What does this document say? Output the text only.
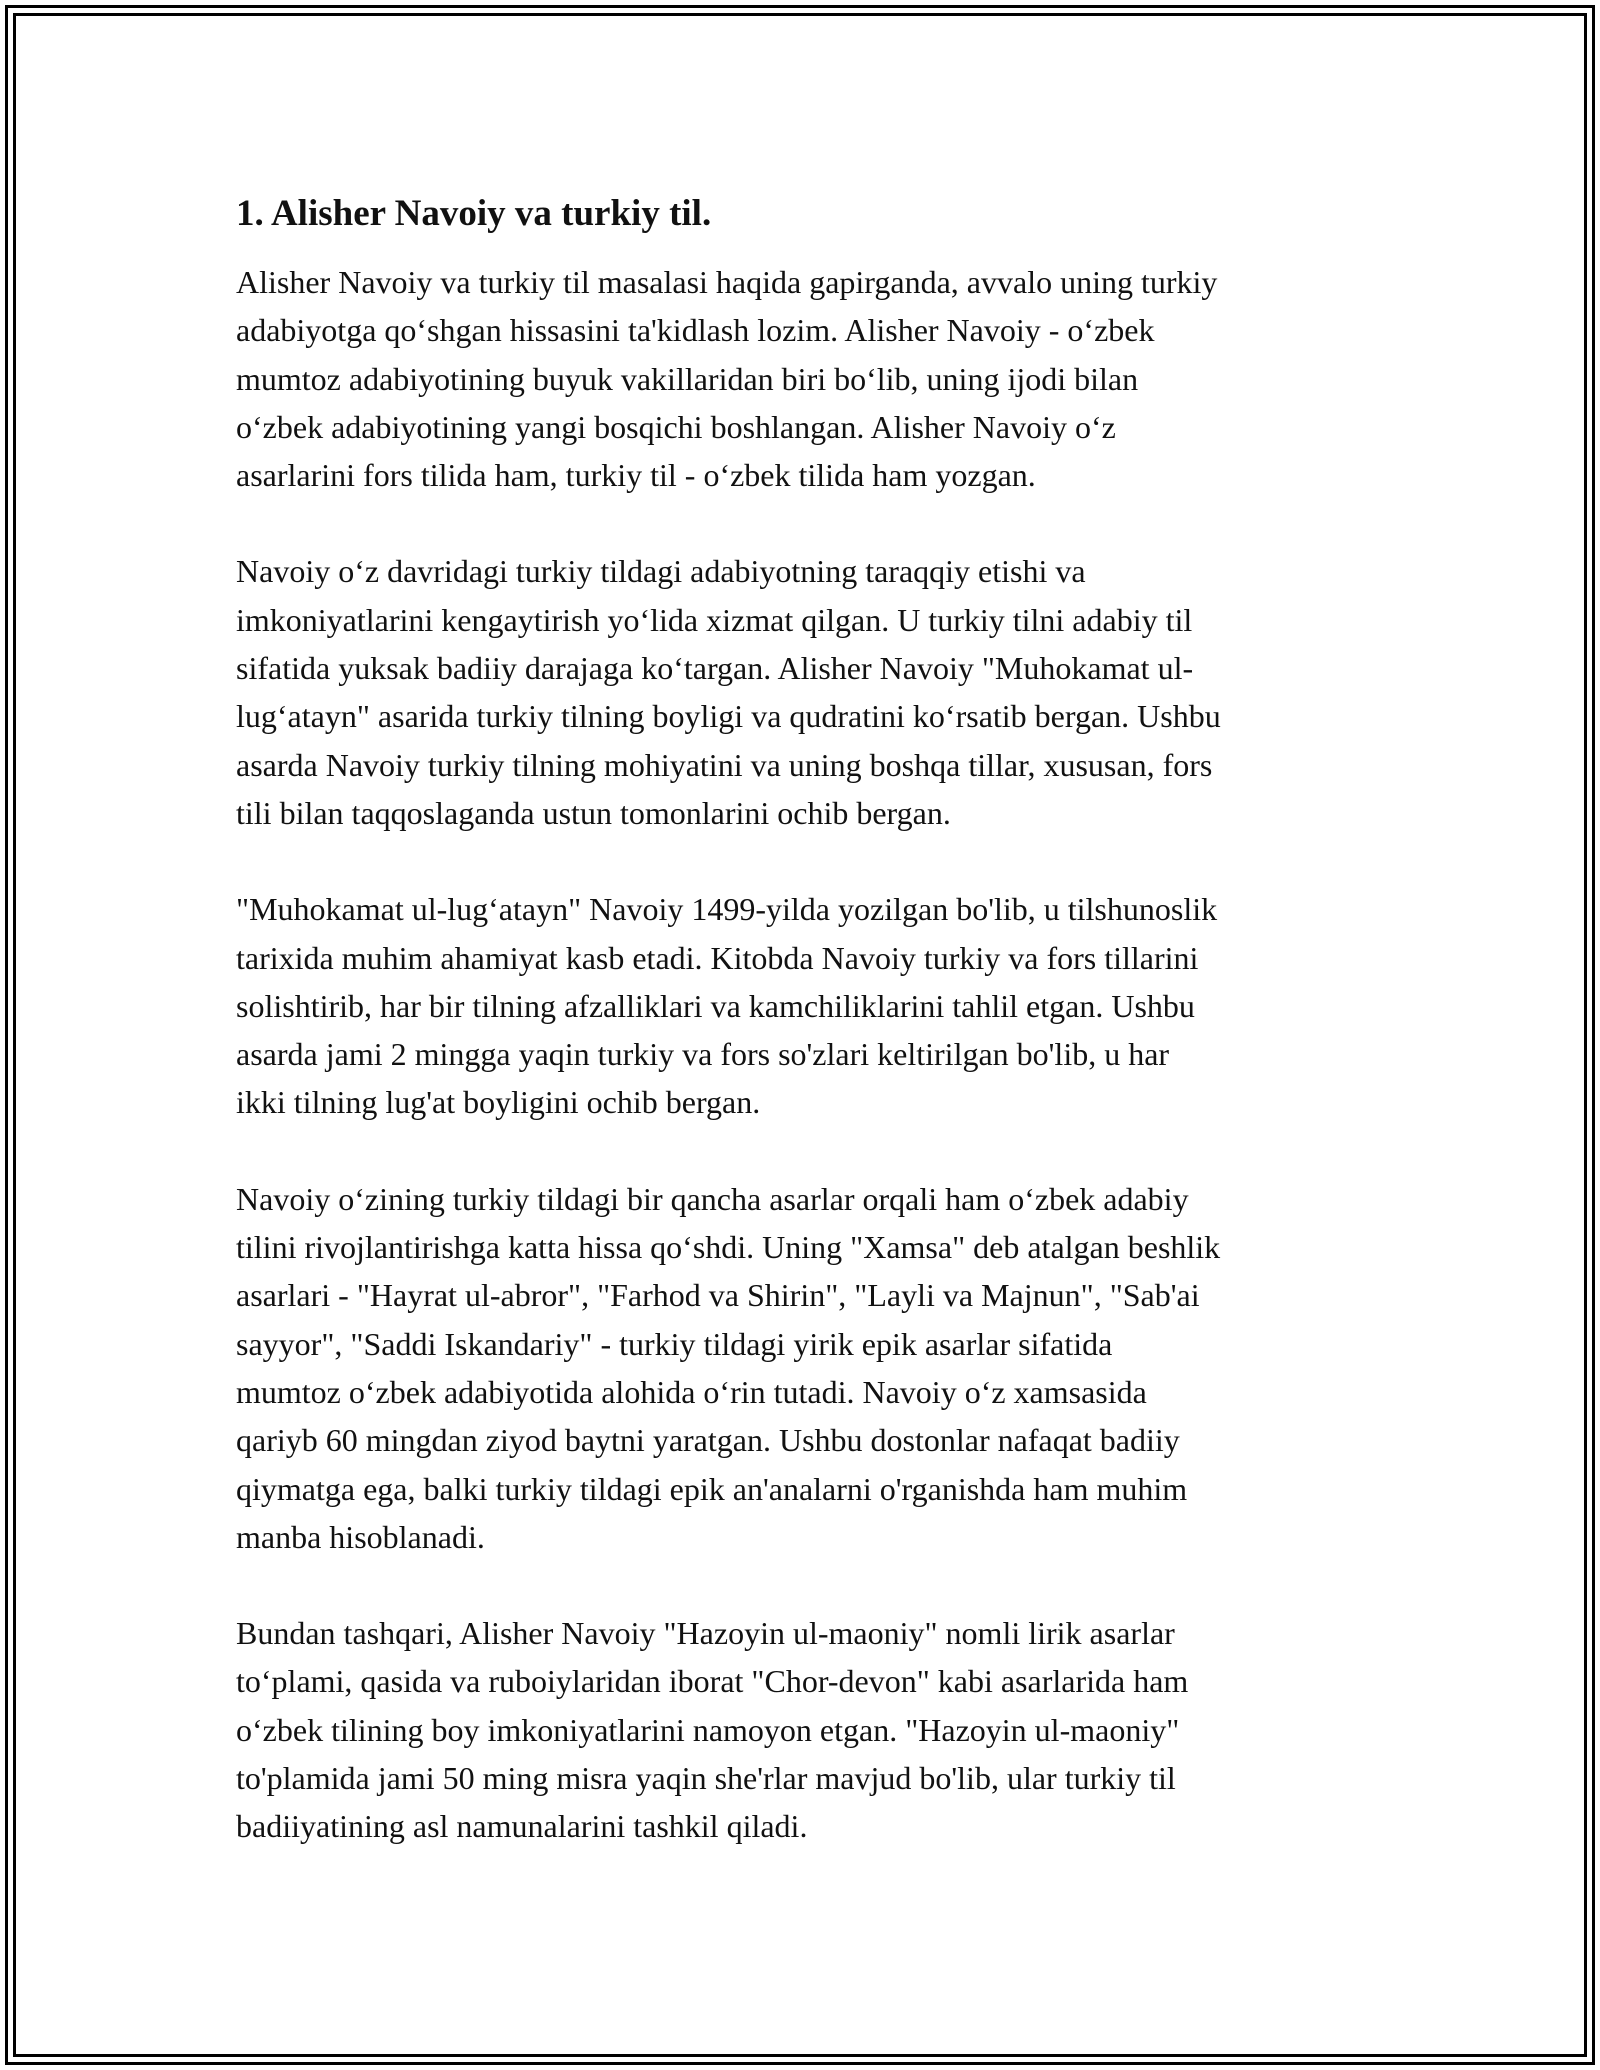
1. Alisher Navoiy va turkiy til.
Alisher Navoiy va turkiy til masalasi haqida gapirganda, avvalo uning turkiy
adabiyotga qo‘shgan hissasini ta'kidlash lozim. Alisher Navoiy - o‘zbek
mumtoz adabiyotining buyuk vakillaridan biri bo‘lib, uning ijodi bilan
o‘zbek adabiyotining yangi bosqichi boshlangan. Alisher Navoiy o‘z
asarlarini fors tilida ham, turkiy til - o‘zbek tilida ham yozgan.
Navoiy o‘z davridagi turkiy tildagi adabiyotning taraqqiy etishi va
imkoniyatlarini kengaytirish yo‘lida xizmat qilgan. U turkiy tilni adabiy til
sifatida yuksak badiiy darajaga ko‘targan. Alisher Navoiy "Muhokamat ul-
lug‘atayn" asarida turkiy tilning boyligi va qudratini ko‘rsatib bergan. Ushbu
asarda Navoiy turkiy tilning mohiyatini va uning boshqa tillar, xususan, fors
tili bilan taqqoslaganda ustun tomonlarini ochib bergan.
"Muhokamat ul-lug‘atayn" Navoiy 1499-yilda yozilgan bo'lib, u tilshunoslik
tarixida muhim ahamiyat kasb etadi. Kitobda Navoiy turkiy va fors tillarini
solishtirib, har bir tilning afzalliklari va kamchiliklarini tahlil etgan. Ushbu
asarda jami 2 mingga yaqin turkiy va fors so'zlari keltirilgan bo'lib, u har
ikki tilning lug'at boyligini ochib bergan.
Navoiy o‘zining turkiy tildagi bir qancha asarlar orqali ham o‘zbek adabiy
tilini rivojlantirishga katta hissa qo‘shdi. Uning "Xamsa" deb atalgan beshlik
asarlari - "Hayrat ul-abror", "Farhod va Shirin", "Layli va Majnun", "Sab'ai
sayyor", "Saddi Iskandariy" - turkiy tildagi yirik epik asarlar sifatida
mumtoz o‘zbek adabiyotida alohida o‘rin tutadi. Navoiy o‘z xamsasida
qariyb 60 mingdan ziyod baytni yaratgan. Ushbu dostonlar nafaqat badiiy
qiymatga ega, balki turkiy tildagi epik an'analarni o'rganishda ham muhim
manba hisoblanadi.
Bundan tashqari, Alisher Navoiy "Hazoyin ul-maoniy" nomli lirik asarlar
to‘plami, qasida va ruboiylaridan iborat "Chor-devon" kabi asarlarida ham
o‘zbek tilining boy imkoniyatlarini namoyon etgan. "Hazoyin ul-maoniy"
to'plamida jami 50 ming misra yaqin she'rlar mavjud bo'lib, ular turkiy til
badiiyatining asl namunalarini tashkil qiladi.
